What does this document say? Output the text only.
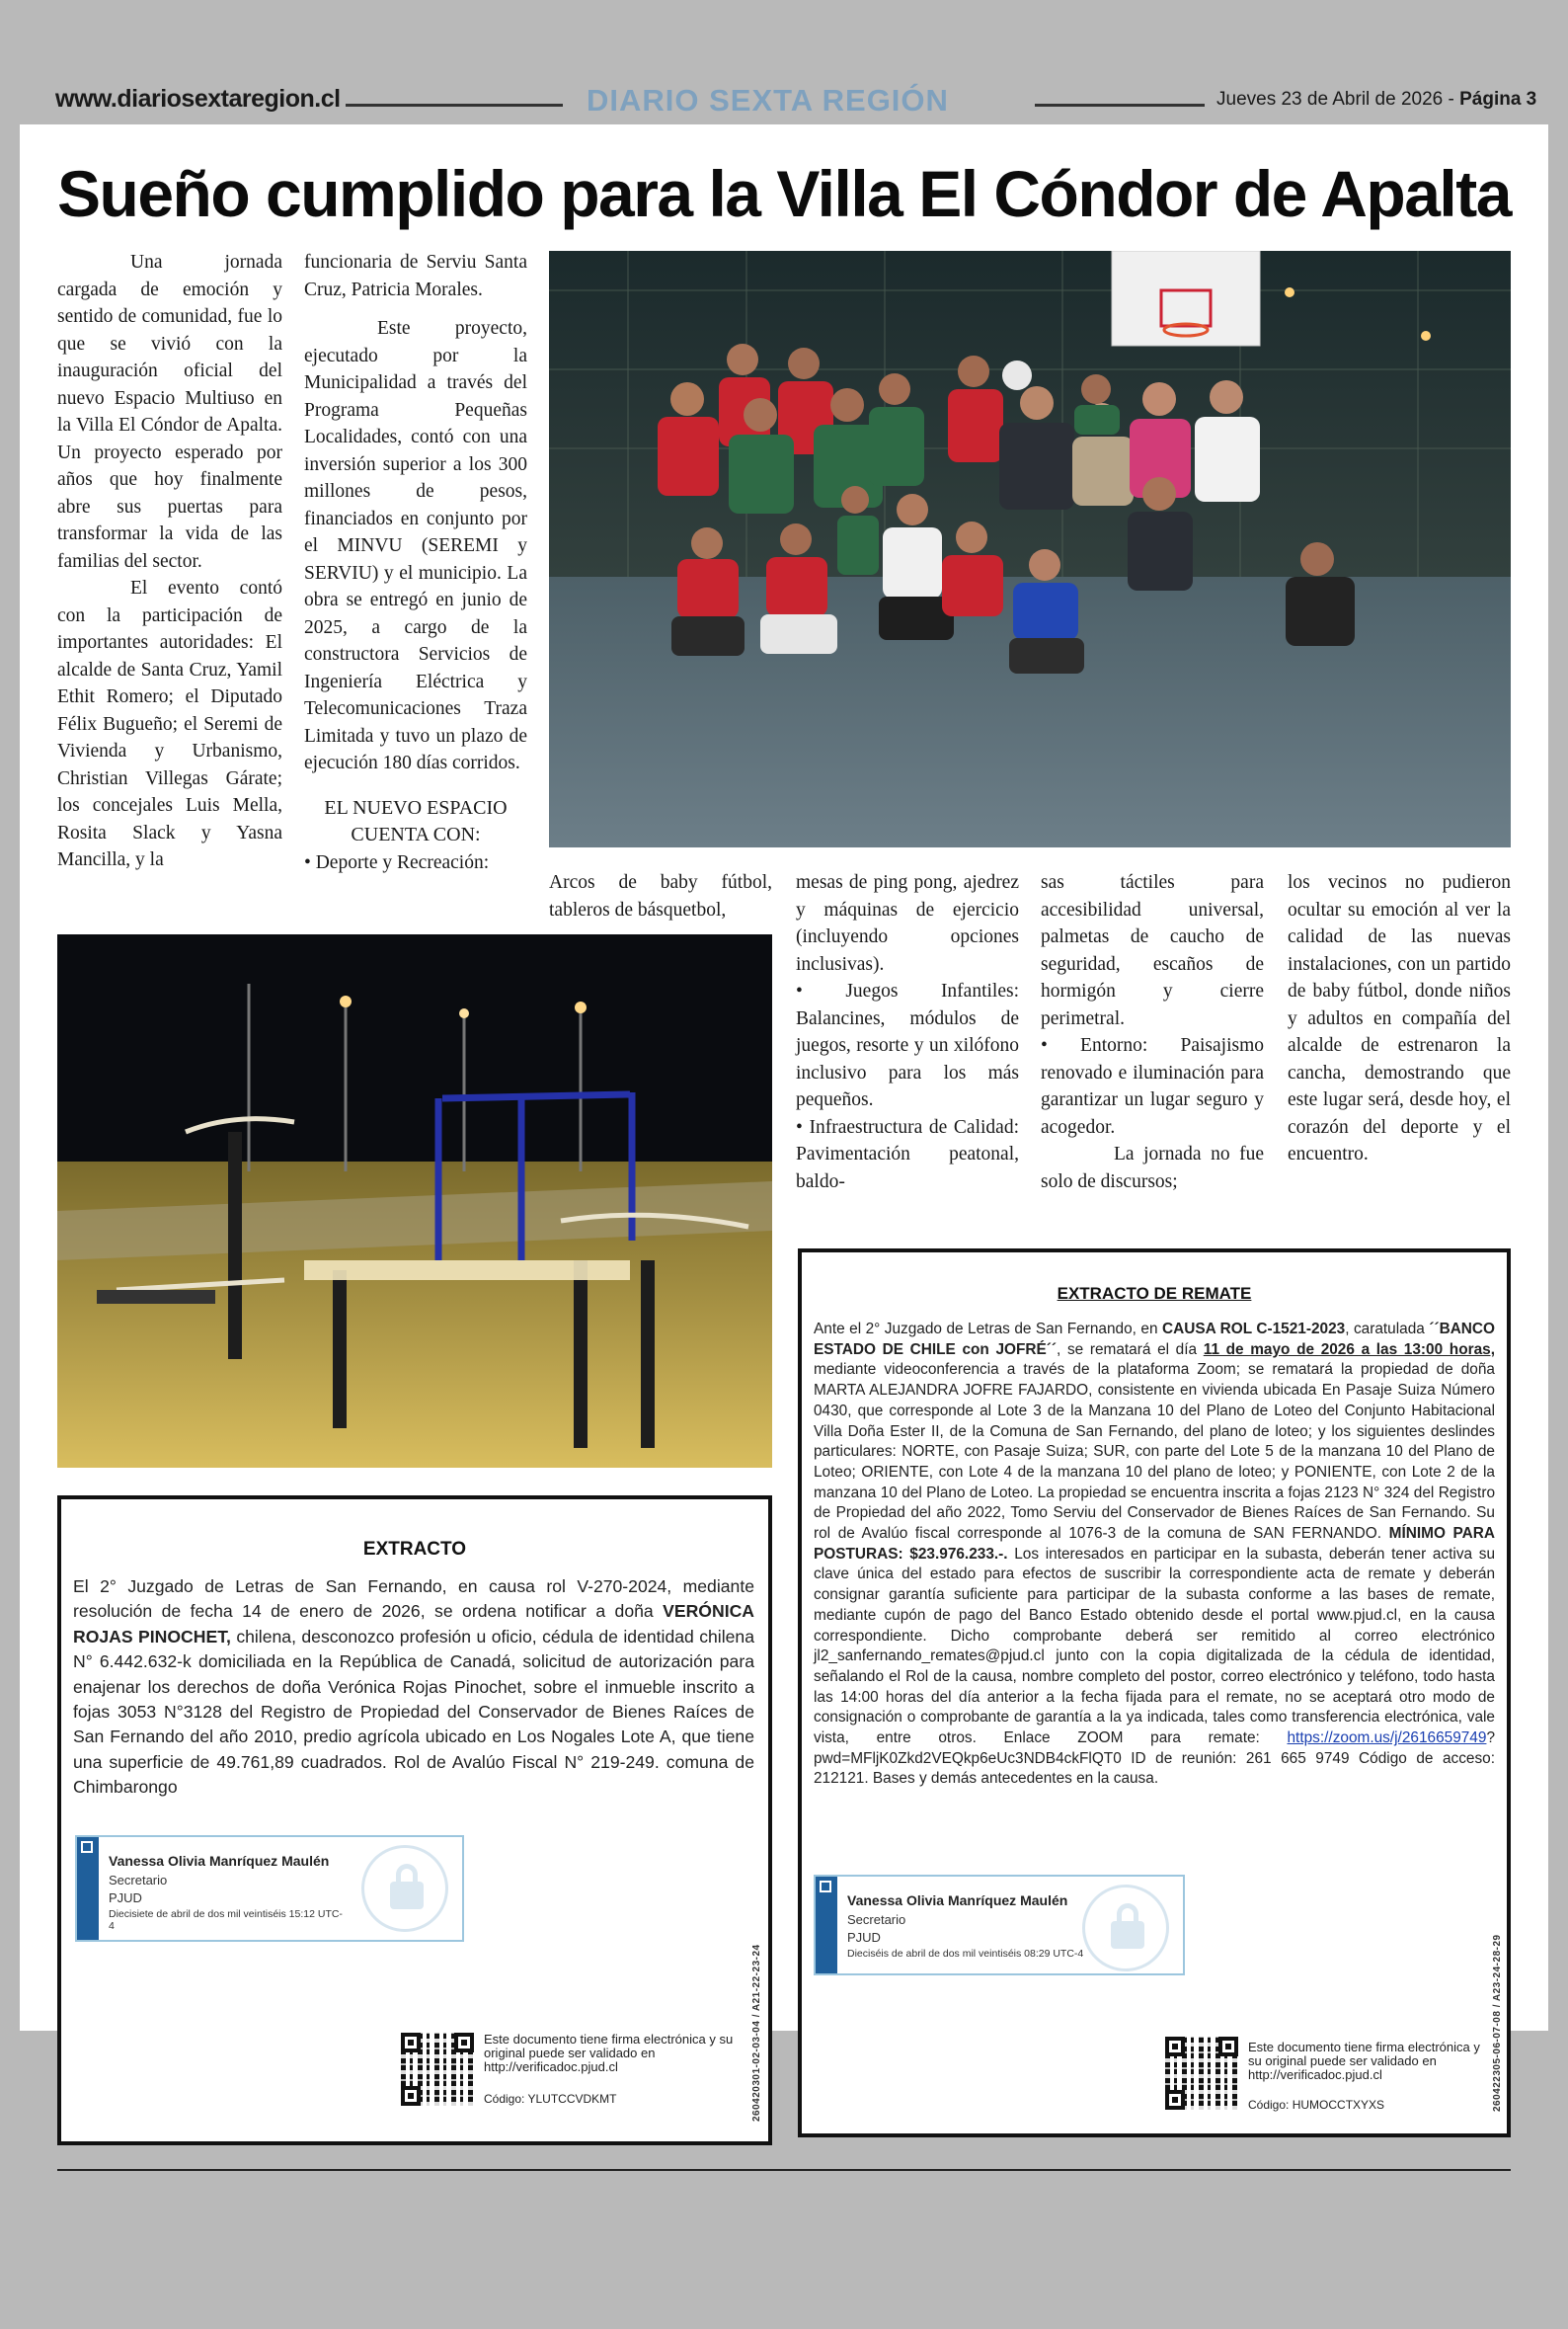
www.diariosextaregion.cl	DIARIO SEXTA REGIÓN	Jueves 23 de Abril de 2026 - Página 3
Sueño cumplido para la Villa El Cóndor de Apalta

Una jornada cargada de emoción y sentido de comunidad, fue lo que se vivió con la inauguración oficial del nuevo Espacio Multiuso en la Villa El Cóndor de Apalta. Un proyecto esperado por años que hoy finalmente abre sus puertas para transformar la vida de las familias del sector.

El evento contó con la participación de importantes autoridades: El alcalde de Santa Cruz, Yamil Ethit Romero; el Diputado Félix Bugueño; el Seremi de Vivienda y Urbanismo, Christian Villegas Gárate; los concejales Luis Mella, Rosita Slack y Yasna Mancilla, y la

funcionaria de Serviu Santa Cruz, Patricia Morales.

Este proyecto, ejecutado por la Municipalidad a través del Programa Pequeñas Localidades, contó con una inversión superior a los 300 millones de pesos, financiados en conjunto por el MINVU (SEREMI y SERVIU) y el municipio. La obra se entregó en junio de 2025, a cargo de la constructora Servicios de Ingeniería Eléctrica y Telecomunicaciones Traza Limitada y tuvo un plazo de ejecución 180 días corridos.

EL NUEVO ESPACIO CUENTA CON:

• Deporte y Recreación:

Arcos de baby fútbol, tableros de básquetbol,

mesas de ping pong, ajedrez y máquinas de ejercicio (incluyendo opciones inclusivas).

• Juegos Infantiles: Balancines, módulos de juegos, resorte y un xilófono inclusivo para los más pequeños.

• Infraestructura de Calidad: Pavimentación peatonal, baldo-

sas táctiles para accesibilidad universal, palmetas de caucho de seguridad, escaños de hormigón y cierre perimetral.

• Entorno: Paisajismo renovado e iluminación para garantizar un lugar seguro y acogedor.

La jornada no fue solo de discursos;

los vecinos no pudieron ocultar su emoción al ver la calidad de las nuevas instalaciones, con un partido de baby fútbol, donde niños y adultos en compañía del alcalde de estrenaron la cancha, demostrando que este lugar será, desde hoy, el corazón del deporte y el encuentro.

EXTRACTO
El 2° Juzgado de Letras de San Fernando, en causa rol V-270-2024, mediante resolución de fecha 14 de enero de 2026, se ordena notificar a doña VERÓNICA ROJAS PINOCHET, chilena, desconozco profesión u oficio, cédula de identidad chilena N° 6.442.632-k domiciliada en la República de Canadá, solicitud de autorización para enajenar los derechos de doña Verónica Rojas Pinochet, sobre el inmueble inscrito a fojas 3053 N°3128 del Registro de Propiedad del Conservador de Bienes Raíces de San Fernando del año 2010, predio agrícola ubicado en Los Nogales Lote A, que tiene una superficie de 49.761,89 cuadrados. Rol de Avalúo Fiscal N° 219-249. comuna de Chimbarongo
Vanessa Olivia Manríquez Maulén
Secretario
PJUD
Diecisiete de abril de dos mil veintiséis 15:12 UTC-4
260420301-02-03-04 / A21-22-23-24
Este documento tiene firma electrónica y su original puede ser validado en http://verificadoc.pjud.cl
Código: YLUTCCVDKMT
EXTRACTO DE REMATE
Ante el 2° Juzgado de Letras de San Fernando, en CAUSA ROL C-1521-2023, caratulada ´´BANCO ESTADO DE CHILE con JOFRÉ´´, se rematará el día 11 de mayo de 2026 a las 13:00 horas, mediante videoconferencia a través de la plataforma Zoom; se rematará la propiedad de doña MARTA ALEJANDRA JOFRE FAJARDO, consistente en vivienda ubicada En Pasaje Suiza Número 0430, que corresponde al Lote 3 de la Manzana 10 del Plano de Loteo del Conjunto Habitacional Villa Doña Ester II, de la Comuna de San Fernando, del plano de loteo; y los siguientes deslindes particulares: NORTE, con Pasaje Suiza; SUR, con parte del Lote 5 de la manzana 10 del Plano de Loteo; ORIENTE, con Lote 4 de la manzana 10 del plano de loteo; y PONIENTE, con Lote 2 de la manzana 10 del Plano de Loteo. La propiedad se encuentra inscrita a fojas 2123 N° 324 del Registro de Propiedad del año 2022, Tomo Serviu del Conservador de Bienes Raíces de San Fernando. Su rol de Avalúo fiscal corresponde al 1076-3 de la comuna de SAN FERNANDO. MÍNIMO PARA POSTURAS: $23.976.233.-. Los interesados en participar en la subasta, deberán tener activa su clave única del estado para efectos de suscribir la correspondiente acta de remate y deberán consignar garantía suficiente para participar de la subasta conforme a las bases de remate, mediante cupón de pago del Banco Estado obtenido desde el portal www.pjud.cl, en la causa correspondiente. Dicho comprobante deberá ser remitido al correo electrónico jl2_sanfernando_remates@pjud.cl junto con la copia digitalizada de la cédula de identidad, señalando el Rol de la causa, nombre completo del postor, correo electrónico y teléfono, todo hasta las 14:00 horas del día anterior a la fecha fijada para el remate, no se aceptará otro modo de consignación o comprobante de garantía a la ya indicada, tales como transferencia electrónica, vale vista, entre otros. Enlace ZOOM para remate: https://zoom.us/j/2616659749?pwd=MFljK0Zkd2VEQkp6eUc3NDB4ckFlQT0 ID de reunión: 261 665 9749 Código de acceso: 212121. Bases y demás antecedentes en la causa.
Vanessa Olivia Manríquez Maulén
Secretario
PJUD
Dieciséis de abril de dos mil veintiséis 08:29 UTC-4	260422305-06-07-08 / A23-24-28-29
Este documento tiene firma electrónica y su original puede ser validado en http://verificadoc.pjud.cl
Código: HUMOCCTXYXS
